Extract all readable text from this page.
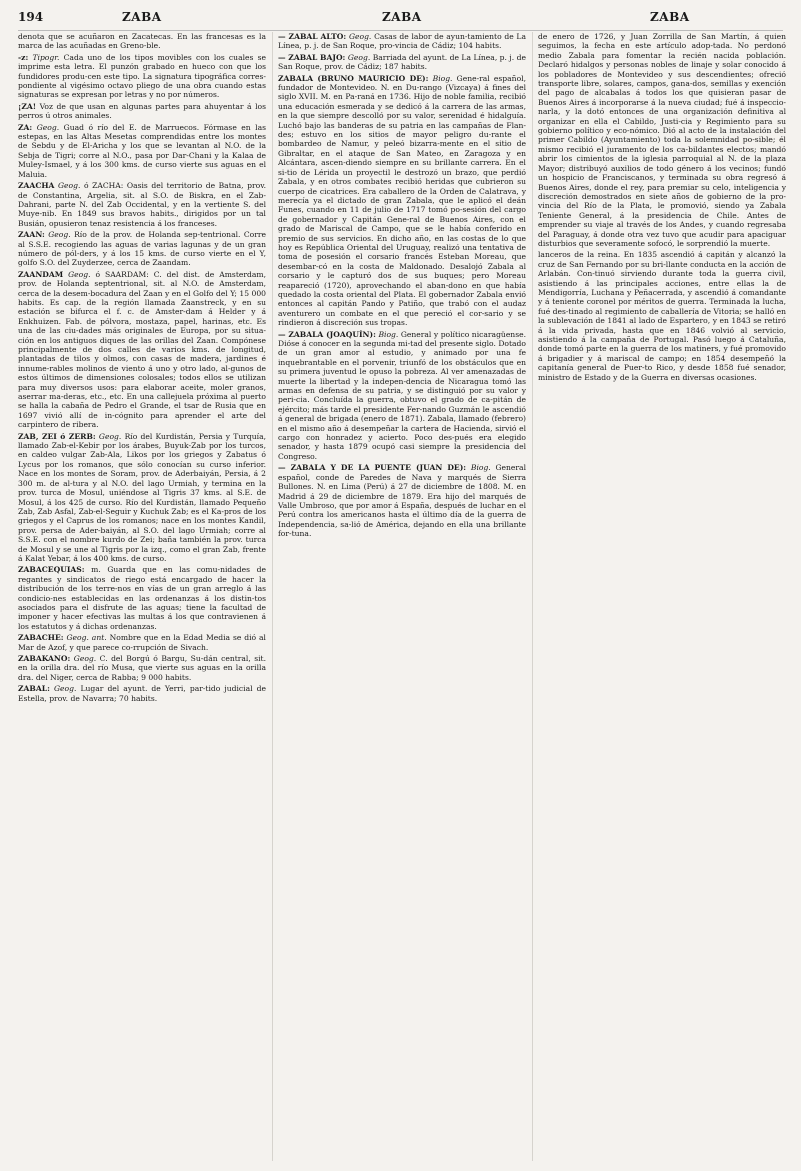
194	ZABA	ZABA	ZABA

denota que se acuñaron en Zacatecas. En las francesas es la marca de las acuñadas en Greno-ble.

-z: Tipogr. Cada uno de los tipos movibles con los cuales se imprime esta letra. El punzón grabado en hueco con que los fundidores produ-cen este tipo. La signatura tipográfica corres-pondiente al vigésimo octavo pliego de una obra cuando estas signaturas se expresan por letras y no por números.

¡ZA! Voz de que usan en algunas partes para ahuyentar á los perros ú otros animales.

ZA: Geog. Guad ó río del E. de Marruecos. Fórmase en las estepas, en las Altas Mesetas comprendidas entre los montes de Sebdu y de El-Aricha y los que se levantan al N.O. de la Sebja de Tigri; corre al N.O., pasa por Dar-Chani y la Kalaa de Muley-Ismael, y á los 300 kms. de curso vierte sus aguas en el Maluia.

ZAACHA Geog. ó ZACHA: Oasis del territorio de Batna, prov. de Constantina, Argelia, sit. al S.O. de Biskra, en el Zab-Dahrani, parte N. del Zab Occidental, y en la vertiente S. del Muye-nib. En 1849 sus bravos habits., dirigidos por un tal Busián, opusieron tenaz resistencia á los franceses.

ZAAN: Geog. Río de la prov. de Holanda sep-tentrional. Corre al S.S.E. recogiendo las aguas de varias lagunas y de un gran número de pól-ders, y á los 15 kms. de curso vierte en el Y, golfo S.O. del Zuyderzee, cerca de Zaandam.

ZAANDAM Geog. ó SAARDAM: C. del dist. de Amsterdam, prov. de Holanda septentrional, sit. al N.O. de Amsterdam, cerca de la desem-bocadura del Zaan y en el Golfo del Y; 15 000 habits. Es cap. de la región llamada Zaanstreck, y en su estación se bifurca el f. c. de Amster-dam á Helder y á Enkhuizen. Fab. de pólvora, mostaza, papel, harinas, etc. Es una de las ciu-dades más originales de Europa, por su situa-ción en los antiguos diques de las orillas del Zaan. Compónese principalmente de dos calles de varios kms. de longitud, plantadas de tilos y olmos, con casas de madera, jardines é innume-rables molinos de viento á uno y otro lado, al-gunos de estos últimos de dimensiones colosales; todos ellos se utilizan para muy diversos usos: para elaborar aceite, moler granos, aserrar ma-deras, etc., etc. En una callejuela próxima al puerto se halla la cabaña de Pedro el Grande, el tsar de Rusia que en 1697 vivió allí de in-cógnito para aprender el arte del carpintero de ribera.

ZAB, ZEI ó ZERB: Geog. Río del Kurdistán, Persia y Turquía, llamado Zab-el-Kebir por los árabes, Buyuk-Zab por los turcos, en caldeo vulgar Zab-Ala, Likos por los griegos y Zabatus ó Lycus por los romanos, que sólo conocían su curso inferior. Nace en los montes de Soram, prov. de Aderbaiyán, Persia, á 2 300 m. de al-tura y al N.O. del lago Urmiah, y termina en la prov. turca de Mosul, uniéndose al Tigris 37 kms. al S.E. de Mosul, á los 425 de curso. Río del Kurdistán, llamado Pequeño Zab, Zab Asfal, Zab-el-Seguir y Kuchuk Zab; es el Ka-pros de los griegos y el Caprus de los romanos; nace en los montes Kandil, prov. persa de Ader-baiyán, al S.O. del lago Urmiah; corre al S.S.E. con el nombre kurdo de Zei; baña también la prov. turca de Mosul y se une al Tigris por la izq., como el gran Zab, frente á Kalat Yebar, á los 400 kms. de curso.

ZABACEQUIAS: m. Guarda que en las comu-nidades de regantes y sindicatos de riego está encargado de hacer la distribución de los terre-nos en vías de un gran arreglo á las condicio-nes establecidas en las ordenanzas á los distin-tos asociados para el disfrute de las aguas; tiene la facultad de imponer y hacer efectivas las multas á los que contravienen á los estatutos y á dichas ordenanzas.

ZABACHE: Geog. ant. Nombre que en la Edad Media se dió al Mar de Azof, y que parece co-rrupción de Sivach.

ZABAKANO: Geog. C. del Borgú ó Bargu, Su-dán central, sit. en la orilla dra. del río Musa, que vierte sus aguas en la orilla dra. del Niger, cerca de Rabba; 9 000 habits.

ZABAL: Geog. Lugar del ayunt. de Yerri, par-tido judicial de Estella, prov. de Navarra; 70 habits.

— ZABAL ALTO: Geog. Casas de labor de ayun-tamiento de La Línea, p. j. de San Roque, pro-vincia de Cádiz; 104 habits.

— ZABAL BAJO: Geog. Barriada del ayunt. de La Línea, p. j. de San Roque, prov. de Cádiz; 187 habits.

ZABALA (BRUNO MAURICIO DE): Biog. Gene-ral español, fundador de Montevideo. N. en Du-rango (Vizcaya) á fines del siglo XVII. M. en Pa-raná en 1736. Hijo de noble familia, recibió una educación esmerada y se dedicó á la carrera de las armas, en la que siempre descolló por su valor, serenidad é hidalguía. Luchó bajo las banderas de su patria en las campañas de Flan-des; estuvo en los sitios de mayor peligro du-rante el bombardeo de Namur, y peleó bizarra-mente en el sitio de Gibraltar, en el ataque de San Mateo, en Zaragoza y en Alcántara, ascen-diendo siempre en su brillante carrera. En el si-tio de Lérida un proyectil le destrozó un brazo, que perdió Zabala, y en otros combates recibió heridas que cubrieron su cuerpo de cicatrices. Era caballero de la Orden de Calatrava, y merecía ya el dictado de gran Zabala, que le aplicó el deán Funes, cuando en 11 de julio de 1717 tomó po-sesión del cargo de gobernador y Capitán Gene-ral de Buenos Aires, con el grado de Mariscal de Campo, que se le había conferido en premio de sus servicios. En dicho año, en las costas de lo que hoy es República Oriental del Uruguay, realizó una tentativa de toma de posesión el corsario francés Esteban Moreau, que desembar-có en la costa de Maldonado. Desalojó Zabala al corsario y le capturó dos de sus buques; pero Moreau reapareció (1720), aprovechando el aban-dono en que había quedado la costa oriental del Plata. El gobernador Zabala envió entonces al capitán Pando y Patiño, que trabó con el audaz aventurero un combate en el que pereció el cor-sario y se rindieron á discreción sus tropas.

— ZABALA (JOAQUÍN): Biog. General y político nicaragüense. Dióse á conocer en la segunda mi-tad del presente siglo. Dotado de un gran amor al estudio, y animado por una fe inquebrantable en el porvenir, triunfó de los obstáculos que en su primera juventud le opuso la pobreza. Al ver amenazadas de muerte la libertad y la indepen-dencia de Nicaragua tomó las armas en defensa de su patria, y se distinguió por su valor y peri-cia. Concluída la guerra, obtuvo el grado de ca-pitán de ejército; más tarde el presidente Fer-nando Guzmán le ascendió á general de brigada (enero de 1871). Zabala, llamado (febrero) en el mismo año á desempeñar la cartera de Hacienda, sirvió el cargo con honradez y acierto. Poco des-pués era elegido senador, y hasta 1879 ocupó casi siempre la presidencia del Congreso.

— ZABALA Y DE LA PUENTE (JUAN DE): Biog. General español, conde de Paredes de Nava y marqués de Sierra Bullones. N. en Lima (Perú) á 27 de diciembre de 1808. M. en Madrid á 29 de diciembre de 1879. Era hijo del marqués de Valle Umbroso, que por amor á España, después de luchar en el Perú contra los americanos hasta el último día de la guerra de Independencia, sa-lió de América, dejando en ella una brillante for-tuna.

de enero de 1726, y Juan Zorrilla de San Martín, á quien seguimos, la fecha en este artículo adop-tada. No perdonó medio Zabala para fomentar la recién nacida población. Declaró hidalgos y personas nobles de linaje y solar conocido á los pobladores de Montevideo y sus descendientes; ofreció transporte libre, solares, campos, gana-dos, semillas y exención del pago de alcabalas á todos los que quisieran pasar de Buenos Aires á incorporarse á la nueva ciudad; fué á inspeccio-narla, y la dotó entonces de una organización definitiva al organizar en ella el Cabildo, Justi-cia y Regimiento para su gobierno político y eco-nómico. Dió al acto de la instalación del primer Cabildo (Ayuntamiento) toda la solemnidad po-sible; él mismo recibió el juramento de los ca-bildantes electos; mandó abrir los cimientos de la iglesia parroquial al N. de la plaza Mayor; distribuyó auxilios de todo género á los vecinos; fundó un hospicio de Franciscanos, y terminada su obra regresó á Buenos Aires, donde el rey, para premiar su celo, inteligencia y discreción demostrados en siete años de gobierno de la pro-vincia del Río de la Plata, le promovió, siendo ya Zabala Teniente General, á la presidencia de Chile. Antes de emprender su viaje al través de los Andes, y cuando regresaba del Paraguay, á donde otra vez tuvo que acudir para apaciguar disturbios que severamente sofocó, le sorprendió la muerte.

lanceros de la reina. En 1835 ascendió á capitán y alcanzó la cruz de San Fernando por su bri-llante conducta en la acción de Arlabán. Con-tinuó sirviendo durante toda la guerra civil, asistiendo á las principales acciones, entre ellas la de Mendigorría, Luchana y Peñacerrada, y ascendió á comandante y á teniente coronel por méritos de guerra. Terminada la lucha, fué des-tinado al regimiento de caballería de Vitoria; se halló en la sublevación de 1841 al lado de Espartero, y en 1843 se retiró á la vida privada, hasta que en 1846 volvió al servicio, asistiendo á la campaña de Portugal. Pasó luego á Cataluña, donde tomó parte en la guerra de los matiners, y fué promovido á brigadier y á mariscal de campo; en 1854 desempeñó la capitanía general de Puer-to Rico, y desde 1858 fué senador, ministro de Estado y de la Guerra en diversas ocasiones.
